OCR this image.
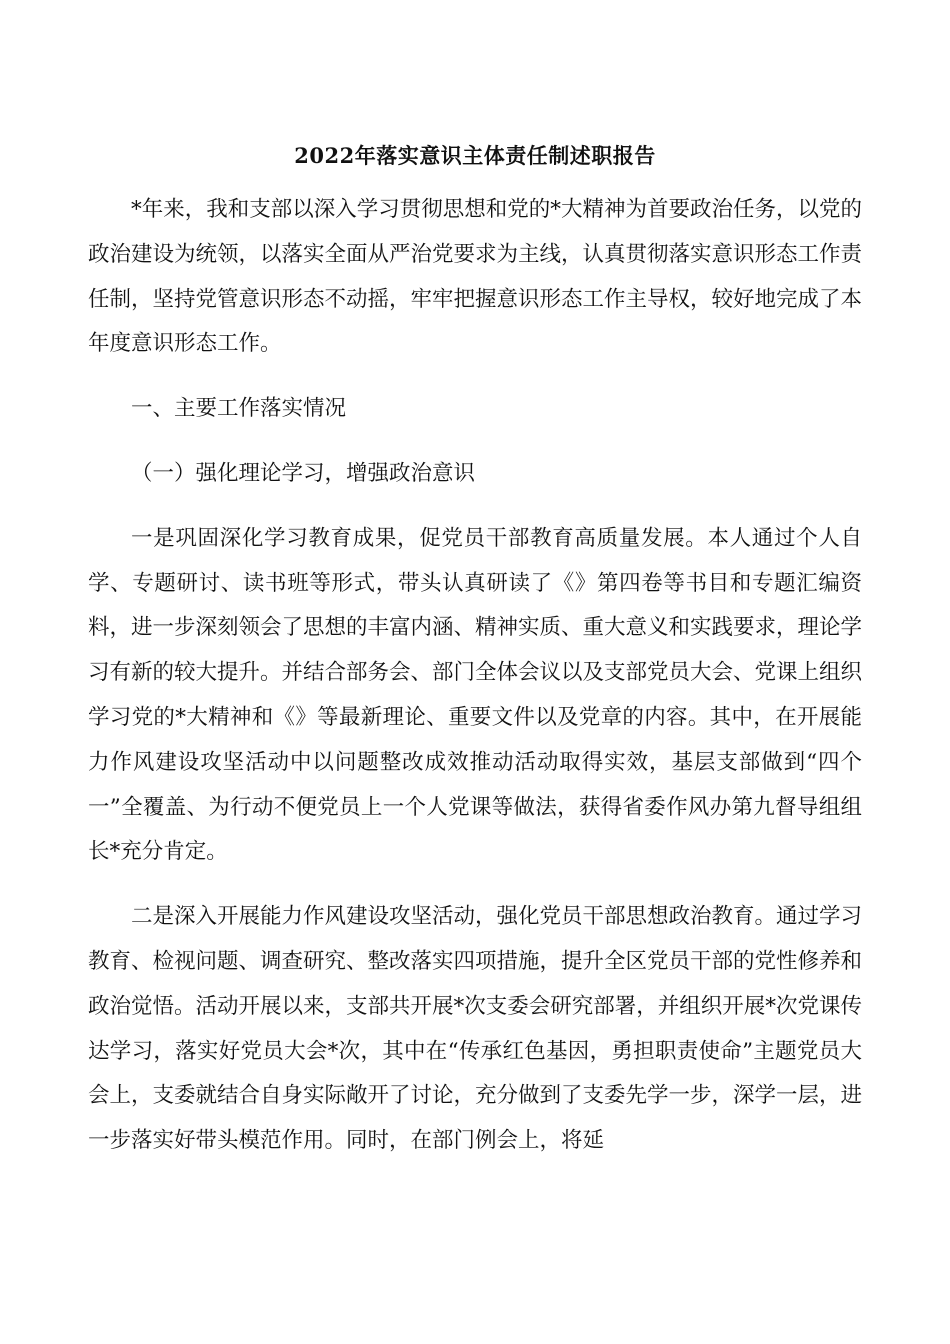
2022年落实意识主体责任制述职报告

*年来，我和支部以深入学习贯彻思想和党的*大精神为首要政治任务，以党的政治建设为统领，以落实全面从严治党要求为主线，认真贯彻落实意识形态工作责任制，坚持党管意识形态不动摇，牢牢把握意识形态工作主导权，较好地完成了本年度意识形态工作。

一、主要工作落实情况

（一）强化理论学习，增强政治意识

一是巩固深化学习教育成果，促党员干部教育高质量发展。本人通过个人自学、专题研讨、读书班等形式，带头认真研读了《》第四卷等书目和专题汇编资料，进一步深刻领会了思想的丰富内涵、精神实质、重大意义和实践要求，理论学习有新的较大提升。并结合部务会、部门全体会议以及支部党员大会、党课上组织学习党的*大精神和《》等最新理论、重要文件以及党章的内容。其中，在开展能力作风建设攻坚活动中以问题整改成效推动活动取得实效，基层支部做到“四个一”全覆盖、为行动不便党员上一个人党课等做法，获得省委作风办第九督导组组长*充分肯定。

二是深入开展能力作风建设攻坚活动，强化党员干部思想政治教育。通过学习教育、检视问题、调查研究、整改落实四项措施，提升全区党员干部的党性修养和政治觉悟。活动开展以来，支部共开展*次支委会研究部署，并组织开展*次党课传达学习，落实好党员大会*次，其中在“传承红色基因，勇担职责使命”主题党员大会上，支委就结合自身实际敞开了讨论，充分做到了支委先学一步，深学一层，进一步落实好带头模范作用。同时，在部门例会上，将延
